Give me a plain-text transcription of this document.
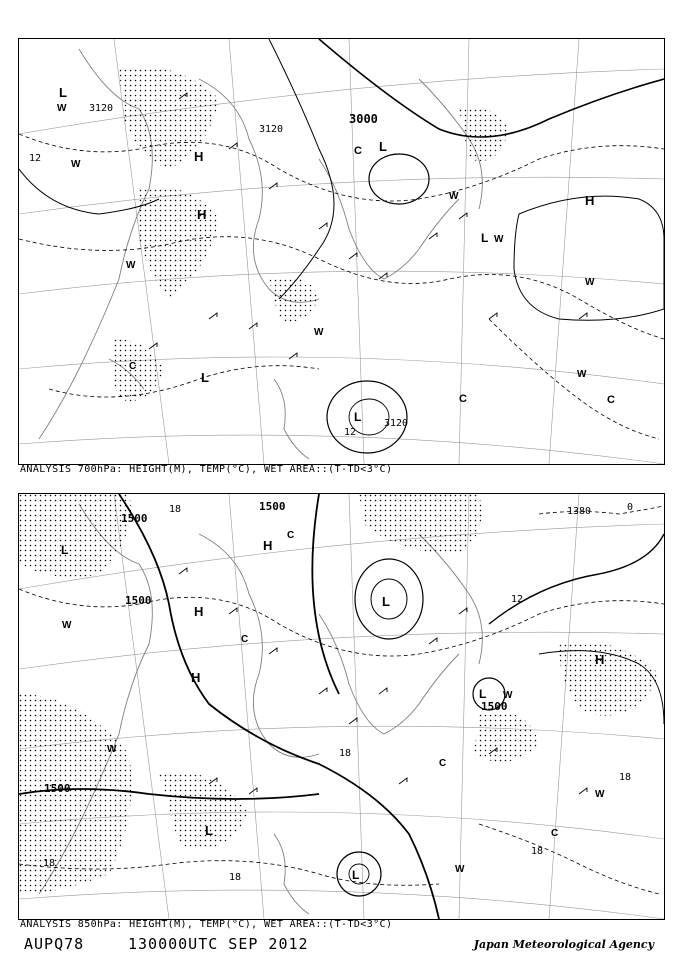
3000
3120
3120
3120
12
12
L
H
H
H
L
L
L
L
C
C	C
W
W
W
W
W
W
W
W
C
ANALYSIS 700hPa: HEIGHT(M), TEMP(°C), WET AREA::(T-TD<3°C)
1500
1500
1500
1500
1500
1380
18
18
18
18
18
18
12
0
H
H
H
H
L
L
L
L
L
W
W
W
W
W
C
C
C
C
ANALYSIS 850hPa: HEIGHT(M), TEMP(°C), WET AREA::(T-TD<3°C)
AUPQ78	130000UTC SEP 2012	Japan Meteorological Agency
